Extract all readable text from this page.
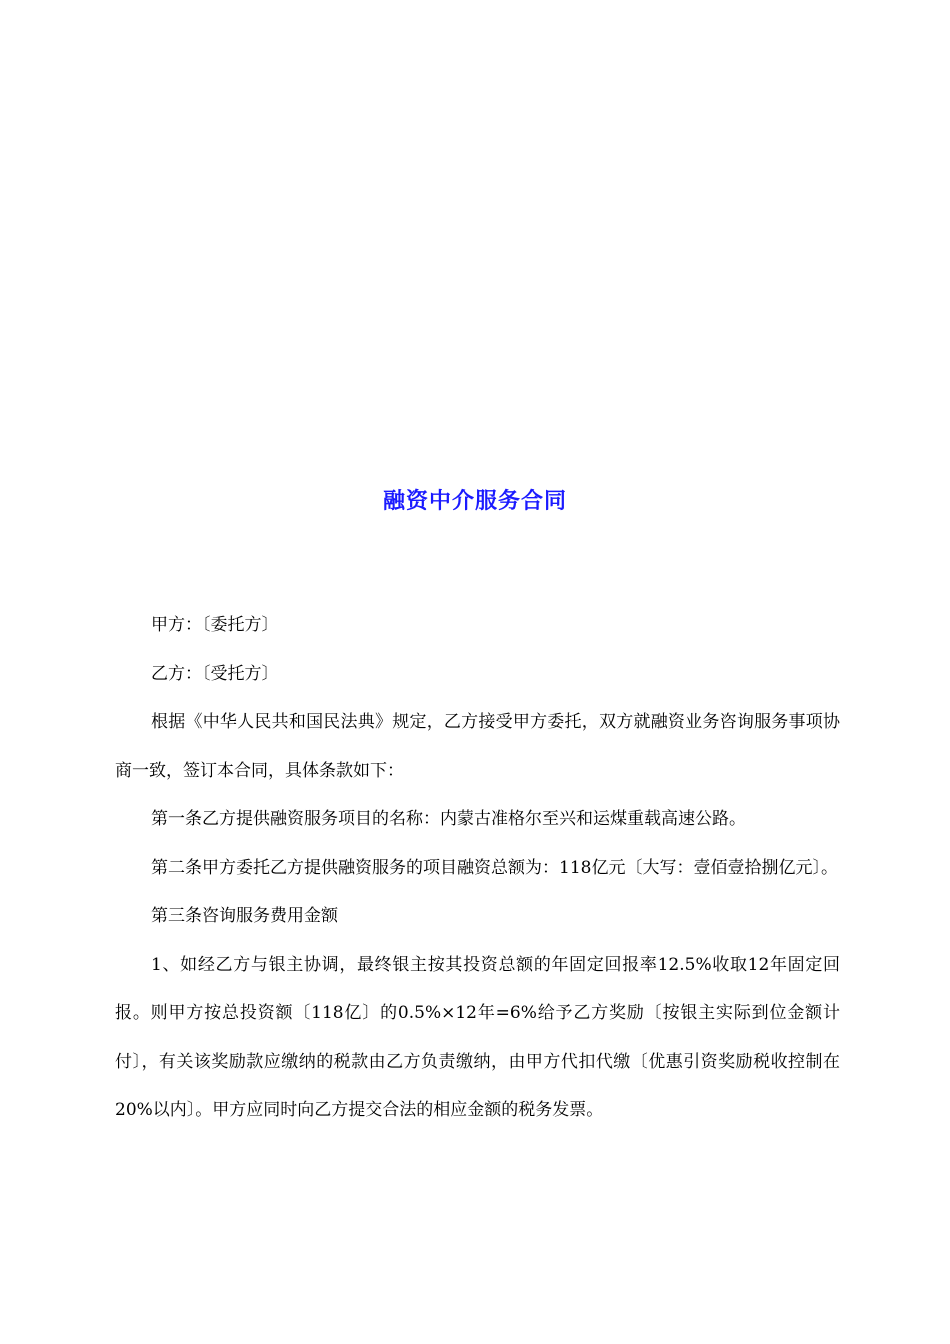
融资中介服务合同

甲方：〔委托方〕

乙方：〔受托方〕

根据《中华人民共和国民法典》规定，乙方接受甲方委托，双方就融资业务咨询服务事项协商一致，签订本合同，具体条款如下：

第一条乙方提供融资服务项目的名称：内蒙古准格尔至兴和运煤重载高速公路。

第二条甲方委托乙方提供融资服务的项目融资总额为：118亿元〔大写：壹佰壹拾捌亿元〕。

第三条咨询服务费用金额

1、如经乙方与银主协调，最终银主按其投资总额的年固定回报率12.5%收取12年固定回报。则甲方按总投资额〔118亿〕的0.5%×12年=6%给予乙方奖励〔按银主实际到位金额计付〕，有关该奖励款应缴纳的税款由乙方负责缴纳，由甲方代扣代缴〔优惠引资奖励税收控制在20%以内〕。甲方应同时向乙方提交合法的相应金额的税务发票。
